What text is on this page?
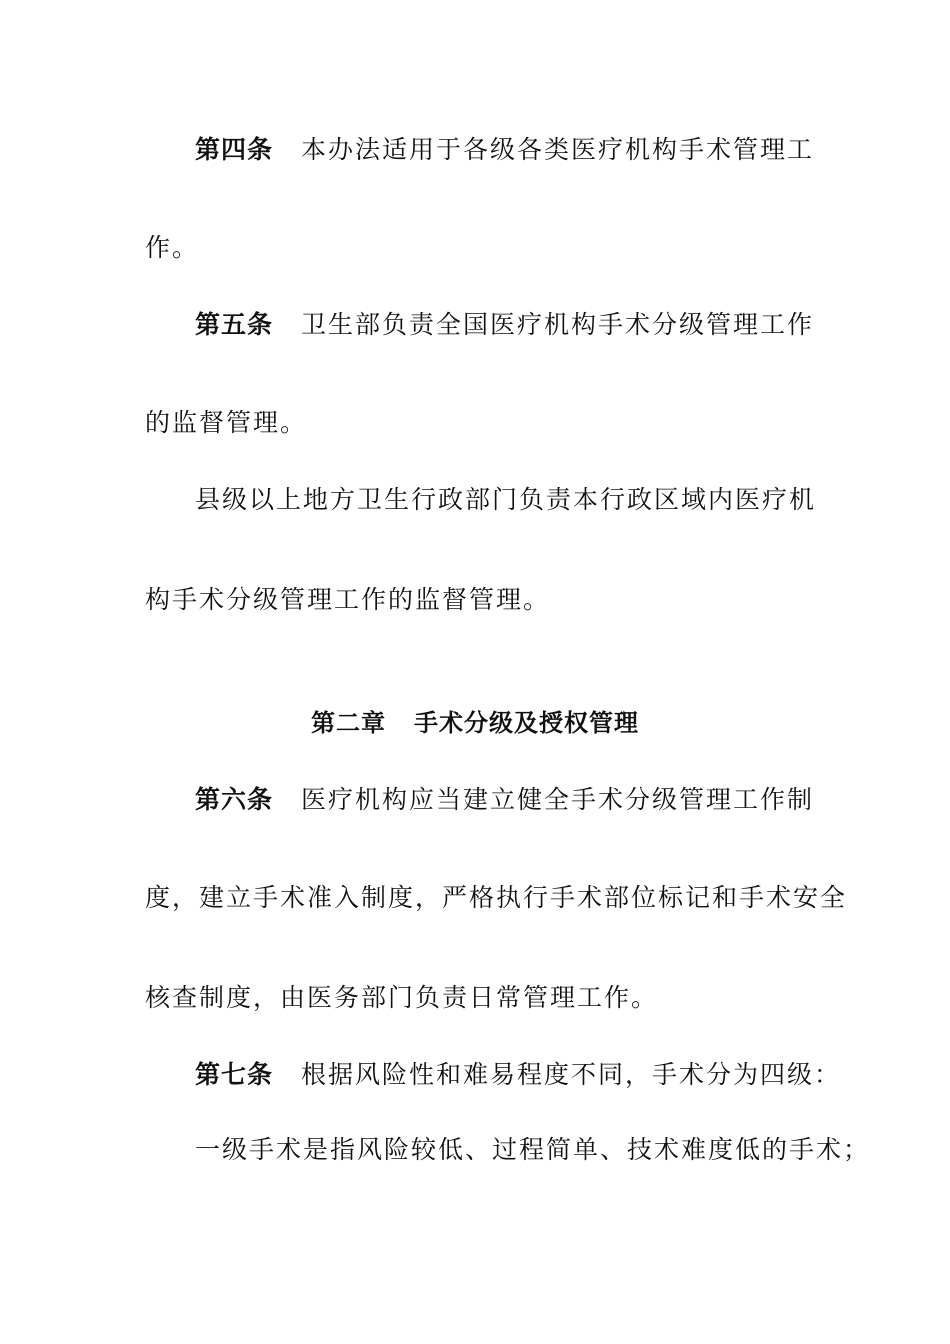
第四条 本办法适用于各级各类医疗机构手术管理工
作。
第五条 卫生部负责全国医疗机构手术分级管理工作
的监督管理。
县级以上地方卫生行政部门负责本行政区域内医疗机
构手术分级管理工作的监督管理。
第二章 手术分级及授权管理
第六条 医疗机构应当建立健全手术分级管理工作制
度，建立手术准入制度，严格执行手术部位标记和手术安全
核查制度，由医务部门负责日常管理工作。
第七条 根据风险性和难易程度不同，手术分为四级：
一级手术是指风险较低、过程简单、技术难度低的手术；
